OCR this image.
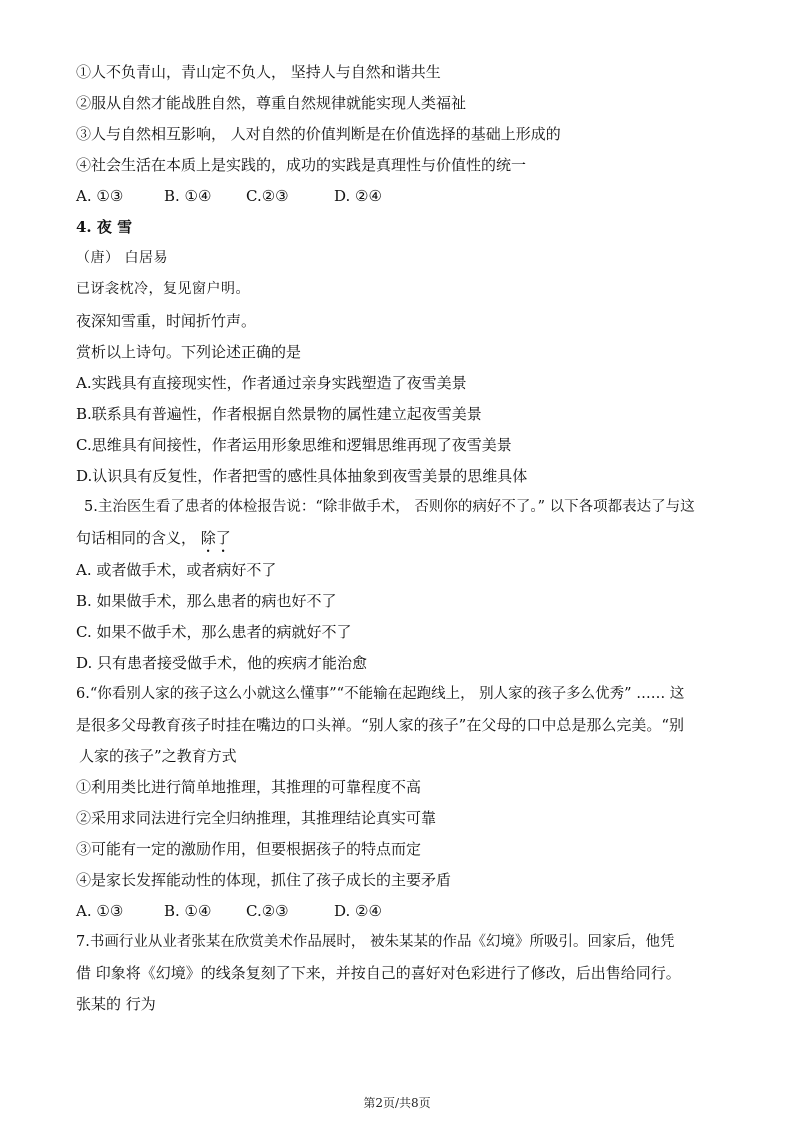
①人不负青山，青山定不负人， 坚持人与自然和谐共生
②服从自然才能战胜自然，尊重自然规律就能实现人类福祉
③人与自然相互影响， 人对自然的价值判断是在价值选择的基础上形成的
④社会生活在本质上是实践的，成功的实践是真理性与价值性的统一
A. ①③	B. ①④ C.②③	D. ②④
4. 夜 雪
（唐） 白居易
已讶衾枕冷，复见窗户明。
夜深知雪重，时闻折竹声。
赏析以上诗句。下列论述正确的是
A.实践具有直接现实性，作者通过亲身实践塑造了夜雪美景
B.联系具有普遍性，作者根据自然景物的属性建立起夜雪美景
C.思维具有间接性，作者运用形象思维和逻辑思维再现了夜雪美景
D.认识具有反复性，作者把雪的感性具体抽象到夜雪美景的思维具体
5.主治医生看了患者的体检报告说：“除非做手术， 否则你的病好不了。” 以下各项都表达了与这
句话相同的含义， 除了
A. 或者做手术，或者病好不了
B. 如果做手术，那么患者的病也好不了
C. 如果不做手术，那么患者的病就好不了
D. 只有患者接受做手术，他的疾病才能治愈
6.“你看别人家的孩子这么小就这么懂事”“不能输在起跑线上， 别人家的孩子多么优秀” …… 这
是很多父母教育孩子时挂在嘴边的口头禅。“别人家的孩子”在父母的口中总是那么完美。“别
人家的孩子”之教育方式
①利用类比进行简单地推理，其推理的可靠程度不高
②采用求同法进行完全归纳推理，其推理结论真实可靠
③可能有一定的激励作用，但要根据孩子的特点而定
④是家长发挥能动性的体现，抓住了孩子成长的主要矛盾
A. ①③	B. ①④ C.②③	D. ②④
7.书画行业从业者张某在欣赏美术作品展时， 被朱某某的作品《幻境》所吸引。回家后，他凭
借 印象将《幻境》的线条复刻了下来，并按自己的喜好对色彩进行了修改，后出售给同行。
张某的 行为
第2页/共8页
